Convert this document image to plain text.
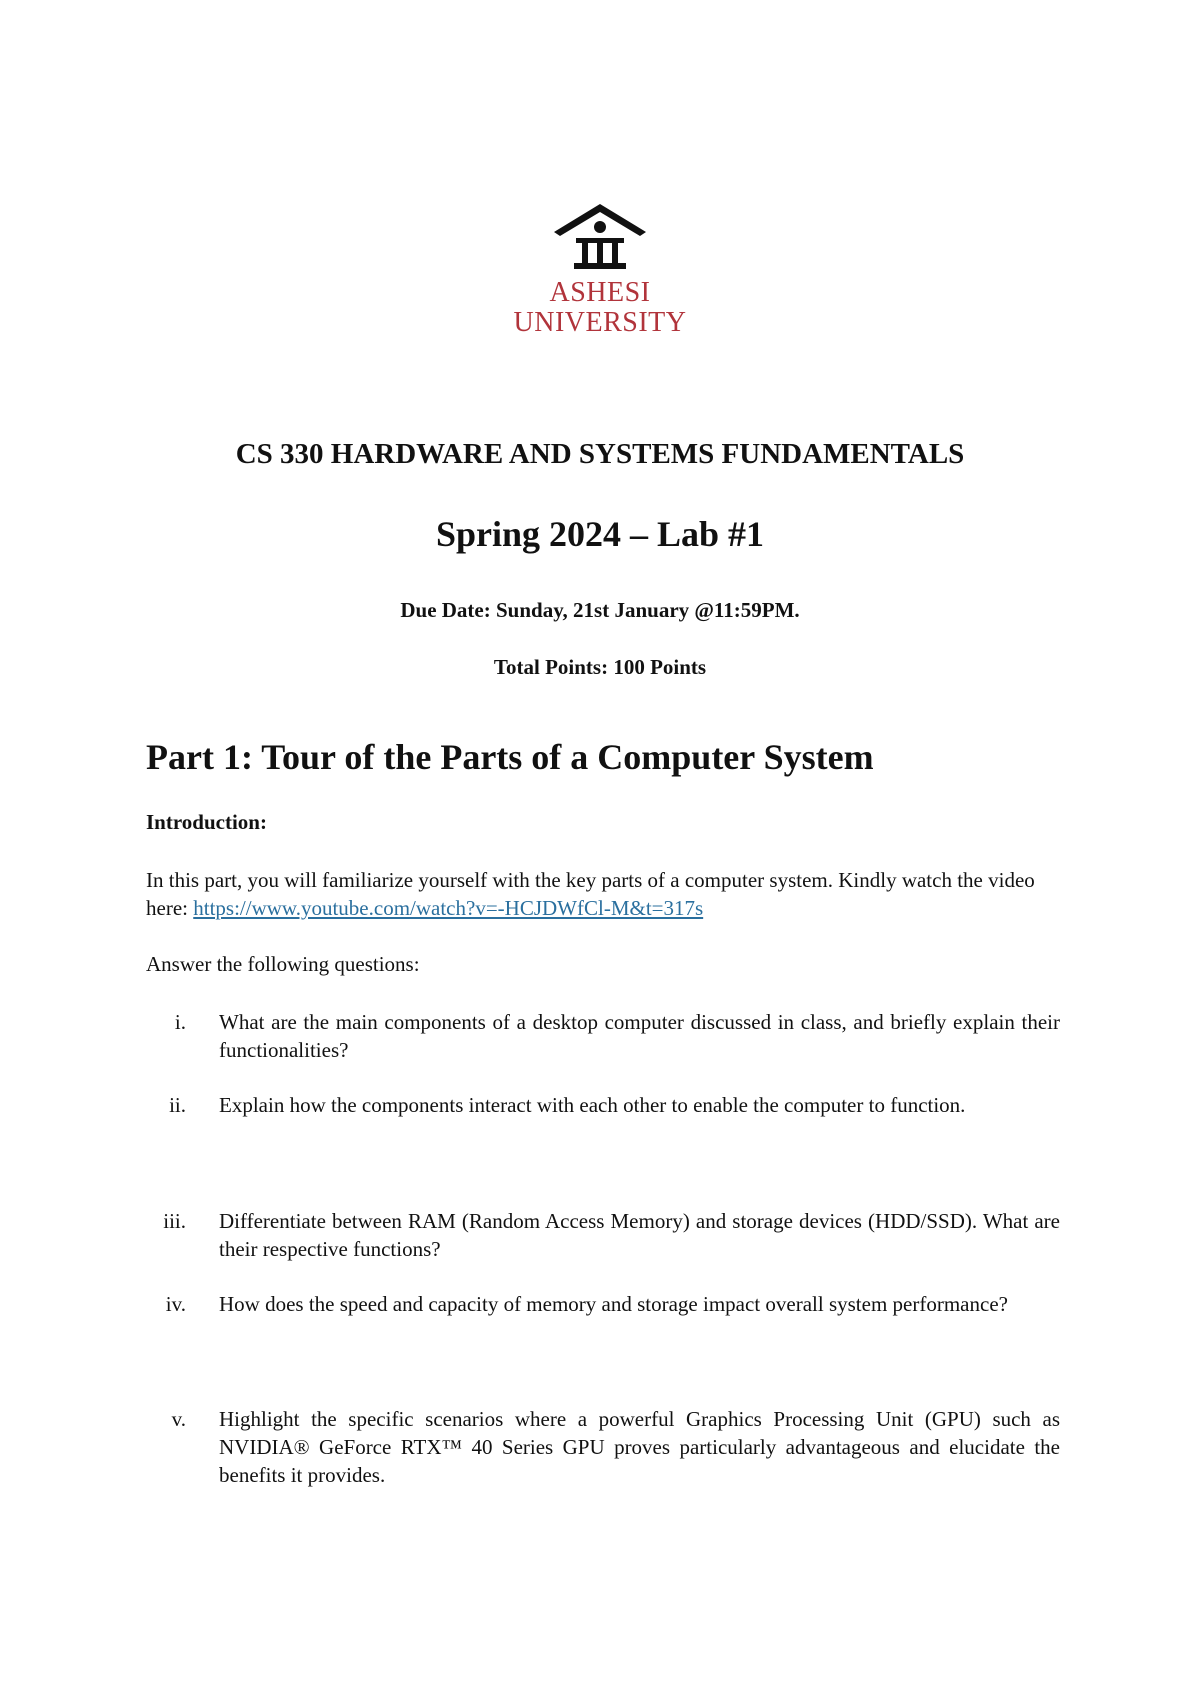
ASHESI
UNIVERSITY
CS 330 HARDWARE AND SYSTEMS FUNDAMENTALS
Spring 2024 – Lab #1
Due Date: Sunday, 21st January @11:59PM.
Total Points: 100 Points
Part 1: Tour of the Parts of a Computer System
Introduction:

In this part, you will familiarize yourself with the key parts of a computer system. Kindly watch the video here: https://www.youtube.com/watch?v=-HCJDWfCl-M&t=317s

Answer the following questions:
i. What are the main components of a desktop computer discussed in class, and briefly explain their functionalities?
ii. Explain how the components interact with each other to enable the computer to function.
iii. Differentiate between RAM (Random Access Memory) and storage devices (HDD/SSD). What are their respective functions?
iv. How does the speed and capacity of memory and storage impact overall system performance?
v. Highlight the specific scenarios where a powerful Graphics Processing Unit (GPU) such as NVIDIA® GeForce RTX™ 40 Series GPU proves particularly advantageous and elucidate the benefits it provides.
